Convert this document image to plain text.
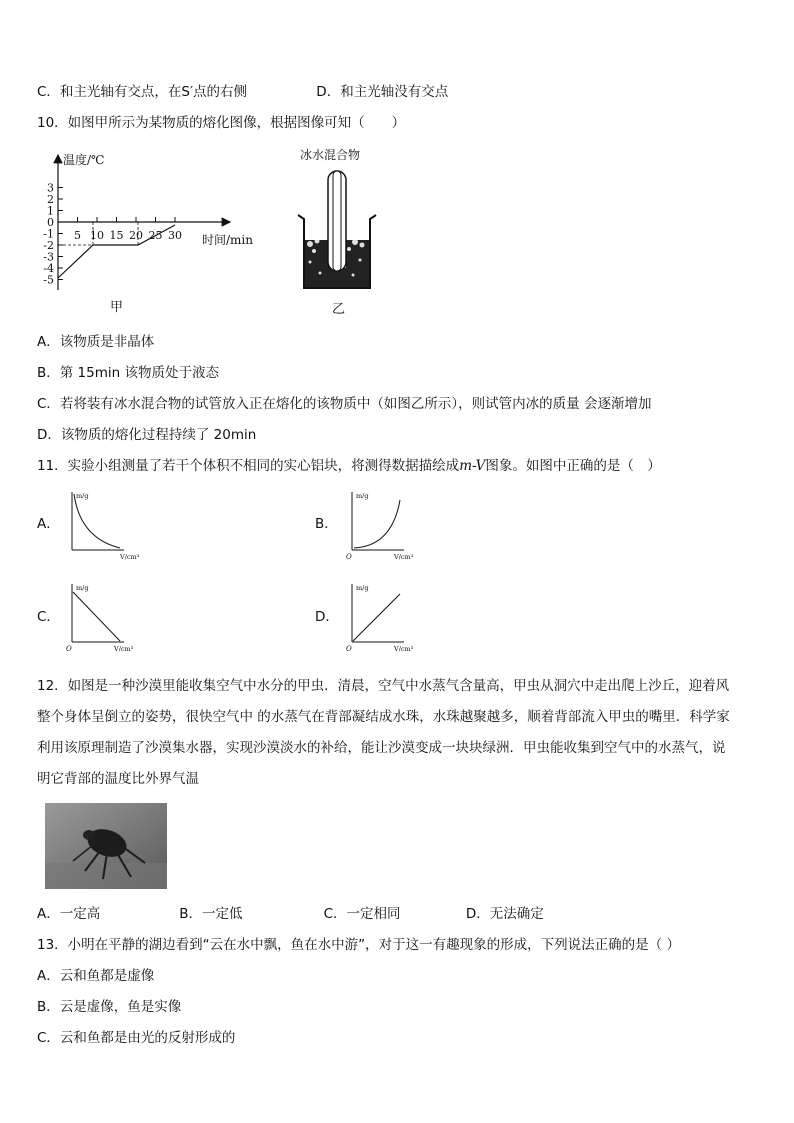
C．和主光轴有交点，在S′点的右侧	D．和主光轴没有交点
10．如图甲所示为某物质的熔化图像，根据图像可知（　　）
温度/℃
时间/min
3
2
1
0
-1
-2
-3
-4
-5
5 10 15 20 25 30
甲
冰水混合物
乙
A．该物质是非晶体
B．第 15min 该物质处于液态
C．若将装有冰水混合物的试管放入正在熔化的该物质中（如图乙所示），则试管内冰的质量 会逐渐增加
D．该物质的熔化过程持续了 20min
11．实验小组测量了若干个体积不相同的实心铝块，将测得数据描绘成m-V图象。如图中正确的是（　）
A．
m/g
V/cm³
B．
m/g
V/cm³
O
C．
m/g
V/cm³
O
D．
m/g
V/cm³
O
12．如图是一种沙漠里能收集空气中水分的甲虫．清晨，空气中水蒸气含量高，甲虫从洞穴中走出爬上沙丘，迎着风
整个身体呈倒立的姿势，很快空气中 的水蒸气在背部凝结成水珠，水珠越聚越多，顺着背部流入甲虫的嘴里．科学家
利用该原理制造了沙漠集水器，实现沙漠淡水的补给，能让沙漠变成一块块绿洲．甲虫能收集到空气中的水蒸气，说
明它背部的温度比外界气温
A．一定高	B．一定低	C．一定相同	D．无法确定
13．小明在平静的湖边看到“云在水中飘，鱼在水中游”，对于这一有趣现象的形成，下列说法正确的是（ ）
A．云和鱼都是虚像
B．云是虚像，鱼是实像
C．云和鱼都是由光的反射形成的
